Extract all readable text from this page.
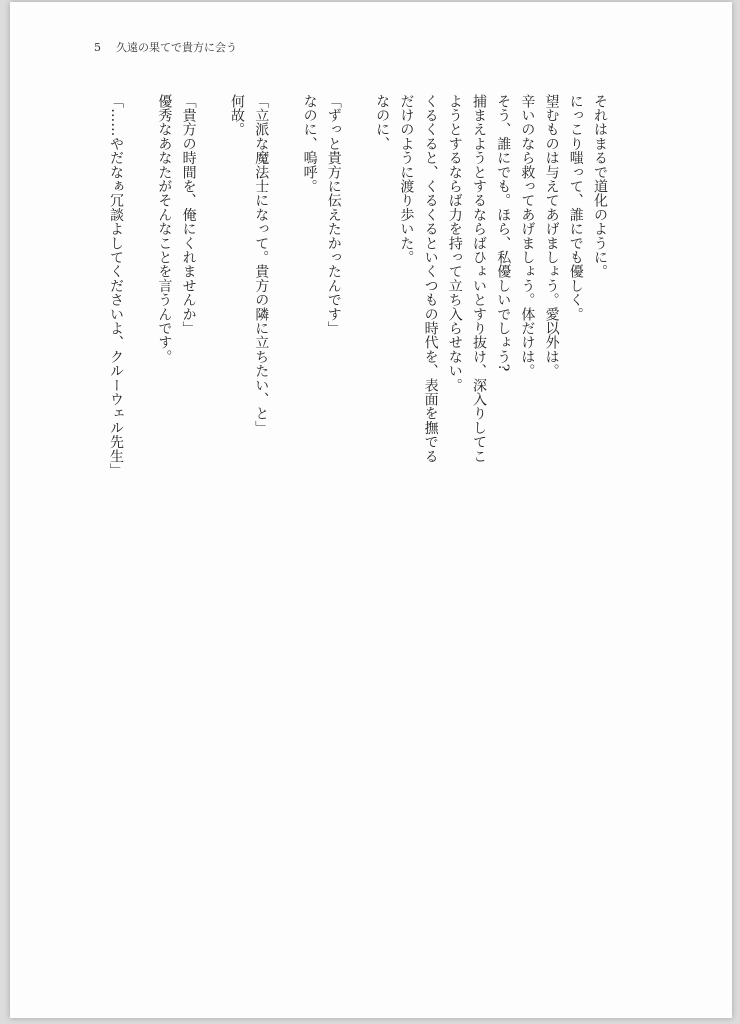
5 久遠の果てで貴方に会う
それはまるで道化のように。
にっこり嗤って、誰にでも優しく。
望むものは与えてあげましょう。愛以外は。
辛いのなら救ってあげましょう。体だけは。
そう、誰にでも。ほら、私優しいでしょう?
捕まえようとするならばひょいとすり抜け、深入りしてこ
ようとするならば力を持って立ち入らせない。
くるくると、くるくるといくつもの時代を、表面を撫でる
だけのように渡り歩いた。
なのに、
「ずっと貴方に伝えたかったんです」
なのに、嗚呼。
「立派な魔法士になって。貴方の隣に立ちたい、と」
何故。
「貴方の時間を、俺にくれませんか」
優秀なあなたがそんなことを言うんです。
「……やだなぁ冗談よしてくださいよ、クルーウェル先生」
